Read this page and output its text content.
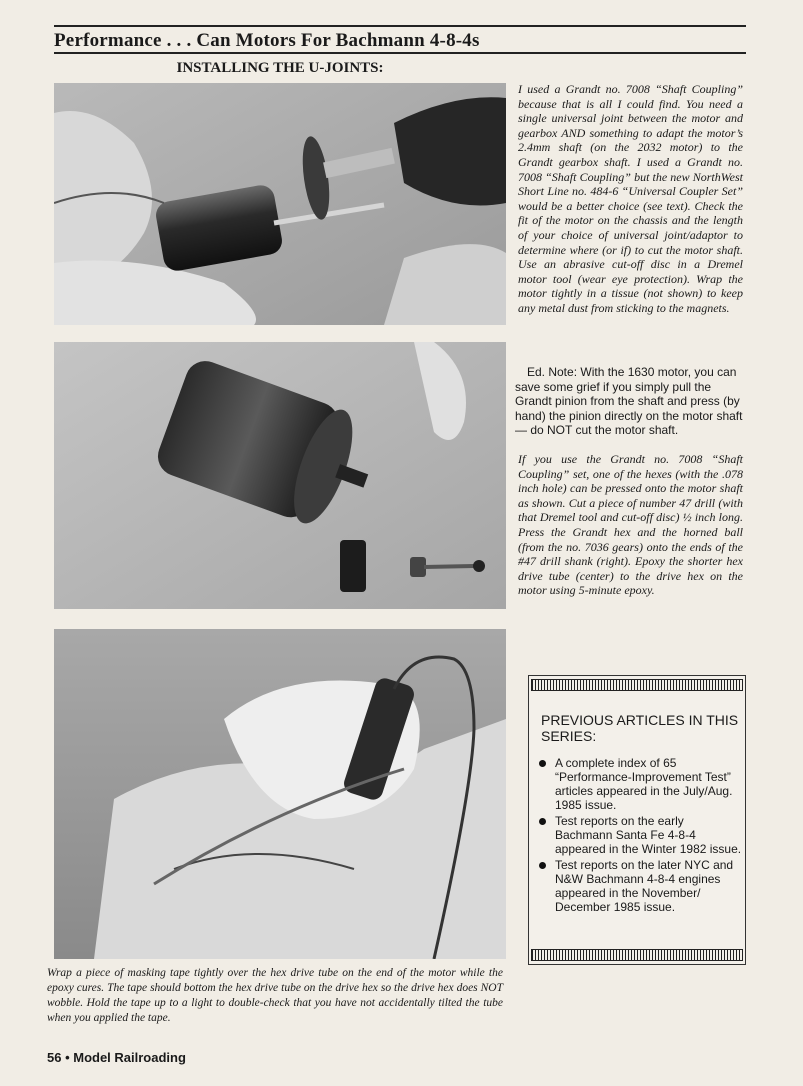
Performance . . . Can Motors For Bachmann 4-8-4s
INSTALLING THE U-JOINTS:
I used a Grandt no. 7008 “Shaft Coupling” because that is all I could find. You need a single universal joint between the motor and gearbox AND something to adapt the motor’s 2.4mm shaft (on the 2032 motor) to the Grandt gearbox shaft. I used a Grandt no. 7008 “Shaft Coupling” but the new NorthWest Short Line no. 484-6 “Universal Coupler Set” would be a better choice (see text). Check the fit of the motor on the chassis and the length of your choice of universal joint/adaptor to determine where (or if) to cut the motor shaft. Use an abrasive cut-off disc in a Dremel motor tool (wear eye protection). Wrap the motor tightly in a tissue (not shown) to keep any metal dust from sticking to the magnets.
Ed. Note: With the 1630 motor, you can save some grief if you simply pull the Grandt pinion from the shaft and press (by hand) the pinion directly on the motor shaft — do NOT cut the motor shaft.
If you use the Grandt no. 7008 “Shaft Coupling” set, one of the hexes (with the .078 inch hole) can be pressed onto the motor shaft as shown. Cut a piece of number 47 drill (with that Dremel tool and cut-off disc) ½ inch long. Press the Grandt hex and the horned ball (from the no. 7036 gears) onto the ends of the #47 drill shank (right). Epoxy the shorter hex drive tube (center) to the drive hex on the motor using 5-minute epoxy.
PREVIOUS ARTICLES IN THIS SERIES:
A complete index of 65 “Performance-Improvement Test” articles appeared in the July/Aug. 1985 issue.
Test reports on the early Bachmann Santa Fe 4-8-4 appeared in the Winter 1982 issue.
Test reports on the later NYC and N&W Bachmann 4-8-4 engines appeared in the November/ December 1985 issue.
Wrap a piece of masking tape tightly over the hex drive tube on the end of the motor while the epoxy cures. The tape should bottom the hex drive tube on the drive hex so the drive hex does NOT wobble. Hold the tape up to a light to double-check that you have not accidentally tilted the tube when you applied the tape.
56 • Model Railroading
